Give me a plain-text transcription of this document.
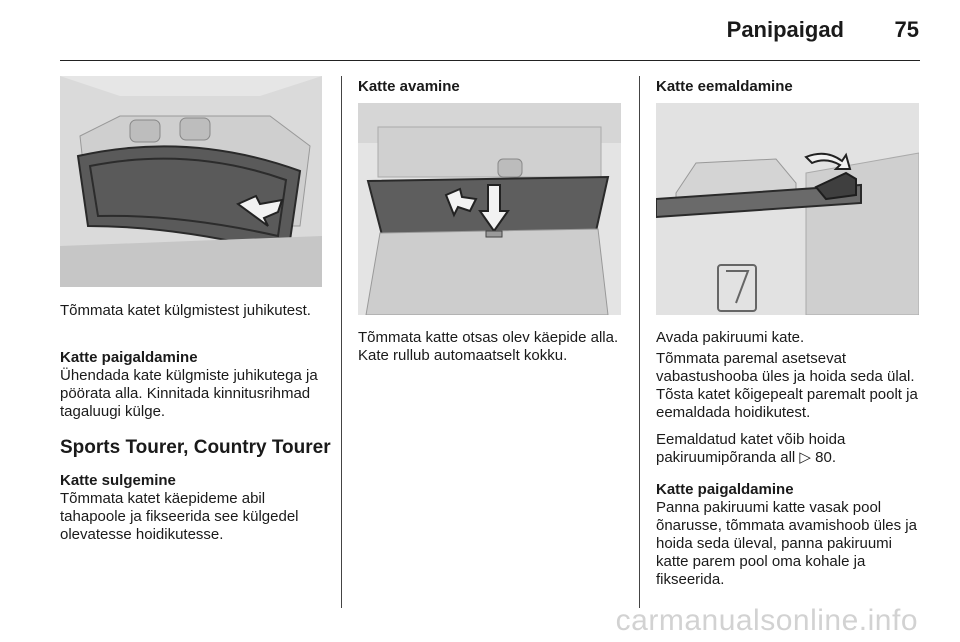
Panipaigad 75

Tõmmata katet külgmistest juhikutest.

Katte paigaldamine

Ühendada kate külgmiste juhikutega ja pöörata alla. Kinnitada kinnitusrihmad tagaluugi külge.

Sports Tourer, Country Tourer

Katte sulgemine

Tõmmata katet käepideme abil tahapoole ja fikseerida see külgedel olevatesse hoidikutesse.

Katte avamine

Tõmmata katte otsas olev käepide alla. Kate rullub automaatselt kokku.

Katte eemaldamine

Avada pakiruumi kate.

Tõmmata paremal asetsevat vabastushooba üles ja hoida seda ülal. Tõsta katet kõigepealt paremalt poolt ja eemaldada hoidikutest.

Eemaldatud katet võib hoida pakiruumipõranda all ▷ 80.

Katte paigaldamine

Panna pakiruumi katte vasak pool õnarusse, tõmmata avamishoob üles ja hoida seda üleval, panna pakiruumi katte parem pool oma kohale ja fikseerida.

carmanualsonline.info
